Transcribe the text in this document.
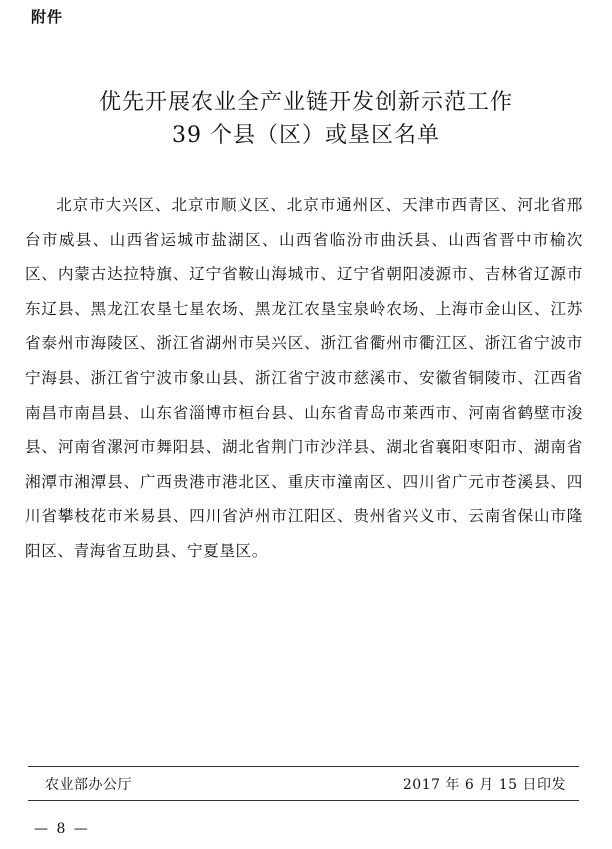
附件
优先开展农业全产业链开发创新示范工作
39 个县（区）或垦区名单
北京市大兴区、北京市顺义区、北京市通州区、天津市西青区、河北省邢台市威县、山西省运城市盐湖区、山西省临汾市曲沃县、山西省晋中市榆次区、内蒙古达拉特旗、辽宁省鞍山海城市、辽宁省朝阳凌源市、吉林省辽源市东辽县、黑龙江农垦七星农场、黑龙江农垦宝泉岭农场、上海市金山区、江苏省泰州市海陵区、浙江省湖州市吴兴区、浙江省衢州市衢江区、浙江省宁波市宁海县、浙江省宁波市象山县、浙江省宁波市慈溪市、安徽省铜陵市、江西省南昌市南昌县、山东省淄博市桓台县、山东省青岛市莱西市、河南省鹤壁市浚县、河南省漯河市舞阳县、湖北省荆门市沙洋县、湖北省襄阳枣阳市、湖南省湘潭市湘潭县、广西贵港市港北区、重庆市潼南区、四川省广元市苍溪县、四川省攀枝花市米易县、四川省泸州市江阳区、贵州省兴义市、云南省保山市隆阳区、青海省互助县、宁夏垦区。
农业部办公厅	2017 年 6 月 15 日印发
— 8 —
